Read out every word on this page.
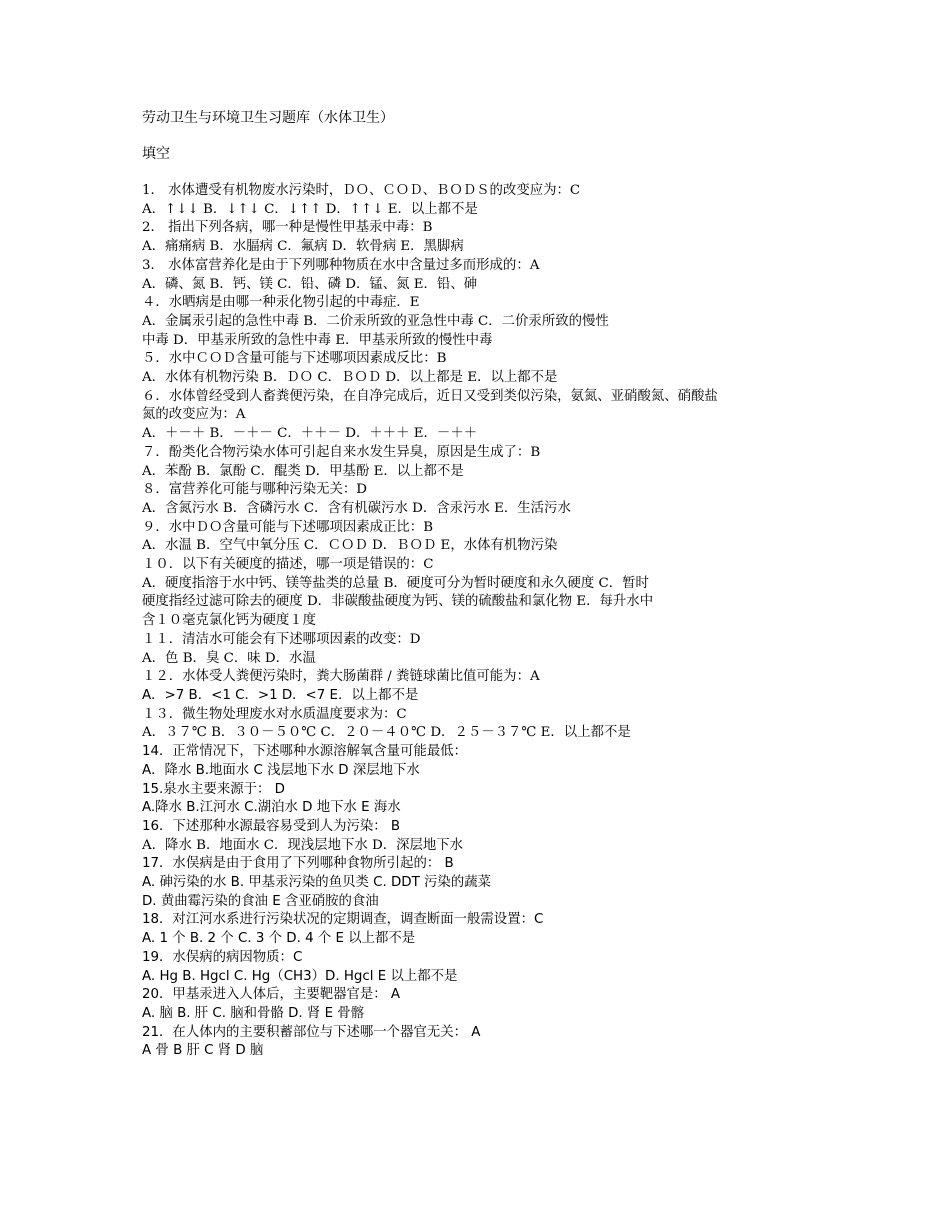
劳动卫生与环境卫生习题库（水体卫生）
填空
1． 水体遭受有机物废水污染时，ＤＯ、ＣＯＤ、ＢＯＤＳ的改变应为：C
A．↑↓↓ B．↓↑↓ C．↓↑↑ D．↑↑↓ E．以上都不是
2． 指出下列各病，哪一种是慢性甲基汞中毒：B
A．痛痛病 B．水腷病 C．氟病 D．软骨病 E．黑脚病
3． 水体富营养化是由于下列哪种物质在水中含量过多而形成的：A
A．磷、氮 B．钙、镁 C．铅、磷 D．锰、氮 E．铅、砷
４．水晒病是由哪一种汞化物引起的中毒症．E
A．金属汞引起的急性中毒 B．二价汞所致的亚急性中毒 C．二价汞所致的慢性
中毒 D．甲基汞所致的急性中毒 E．甲基汞所致的慢性中毒
５．水中ＣＯＤ含量可能与下述哪项因素成反比：B
A．水体有机物污染 B．ＤＯ C．ＢＯＤ D．以上都是 E．以上都不是
６．水体曾经受到人畜粪便污染，在自净完成后，近日又受到类似污染，氨氮、亚硝酸氮、硝酸盐
氮的改变应为：A
A．＋－＋ B．－＋－ C．＋＋－ D．＋＋＋ E．－＋＋
７．酚类化合物污染水体可引起自来水发生异臭，原因是生成了：B
A．苯酚 B．氯酚 C．醌类 D．甲基酚 E．以上都不是
８．富营养化可能与哪种污染无关：D
A．含氮污水 B．含磷污水 C．含有机碳污水 D．含汞污水 E．生活污水
９．水中ＤＯ含量可能与下述哪项因素成正比：B
A．水温 B．空气中氧分压 C．ＣＯＤ D．ＢＯＤ E，水体有机物污染
１０．以下有关硬度的描述，哪一项是错误的：C
A．硬度指溶于水中钙、镁等盐类的总量 B．硬度可分为暂时硬度和永久硬度 C．暂时
硬度指经过滤可除去的硬度 D．非碳酸盐硬度为钙、镁的硫酸盐和氯化物 E．每升水中
含１０毫克氯化钙为硬度１度
１１．清洁水可能会有下述哪项因素的改变：D
A．色 B．臭 C．味 D．水温
１２．水体受人粪便污染时，粪大肠菌群 / 粪链球菌比值可能为：A
A．>7 B．<1 C．>1 D．<7 E．以上都不是
１３．微生物处理废水对水质温度要求为：C
A．３７℃ B．３０－５０℃ C．２０－４０℃ D．２５－３７℃ E．以上都不是
14．正常情况下，下述哪种水源溶解氧含量可能最低：
A．降水 B.地面水 C 浅层地下水 D 深层地下水
15.泉水主要来源于： D
A.降水 B.江河水 C.湖泊水 D 地下水 E 海水
16．下述那种水源最容易受到人为污染： B
A．降水 B．地面水 C．现浅层地下水 D．深层地下水
17．水俣病是由于食用了下列哪种食物所引起的： B
A. 砷污染的水 B. 甲基汞污染的鱼贝类 C. DDT 污染的蔬菜
D. 黄曲霉污染的食油 E 含亚硝胺的食油
18．对江河水系进行污染状况的定期调查，调查断面一般需设置：C
A. 1 个 B. 2 个 C. 3 个 D. 4 个 E 以上都不是
19．水俣病的病因物质：C
A. Hg B. Hgcl C. Hg（CH3）D. Hgcl E 以上都不是
20．甲基汞进入人体后，主要靶器官是： A
A. 脑 B. 肝 C. 脑和骨骼 D. 肾 E 骨髂
21．在人体内的主要积蓄部位与下述哪一个器官无关： A
A 骨 B 肝 C 肾 D 脑
